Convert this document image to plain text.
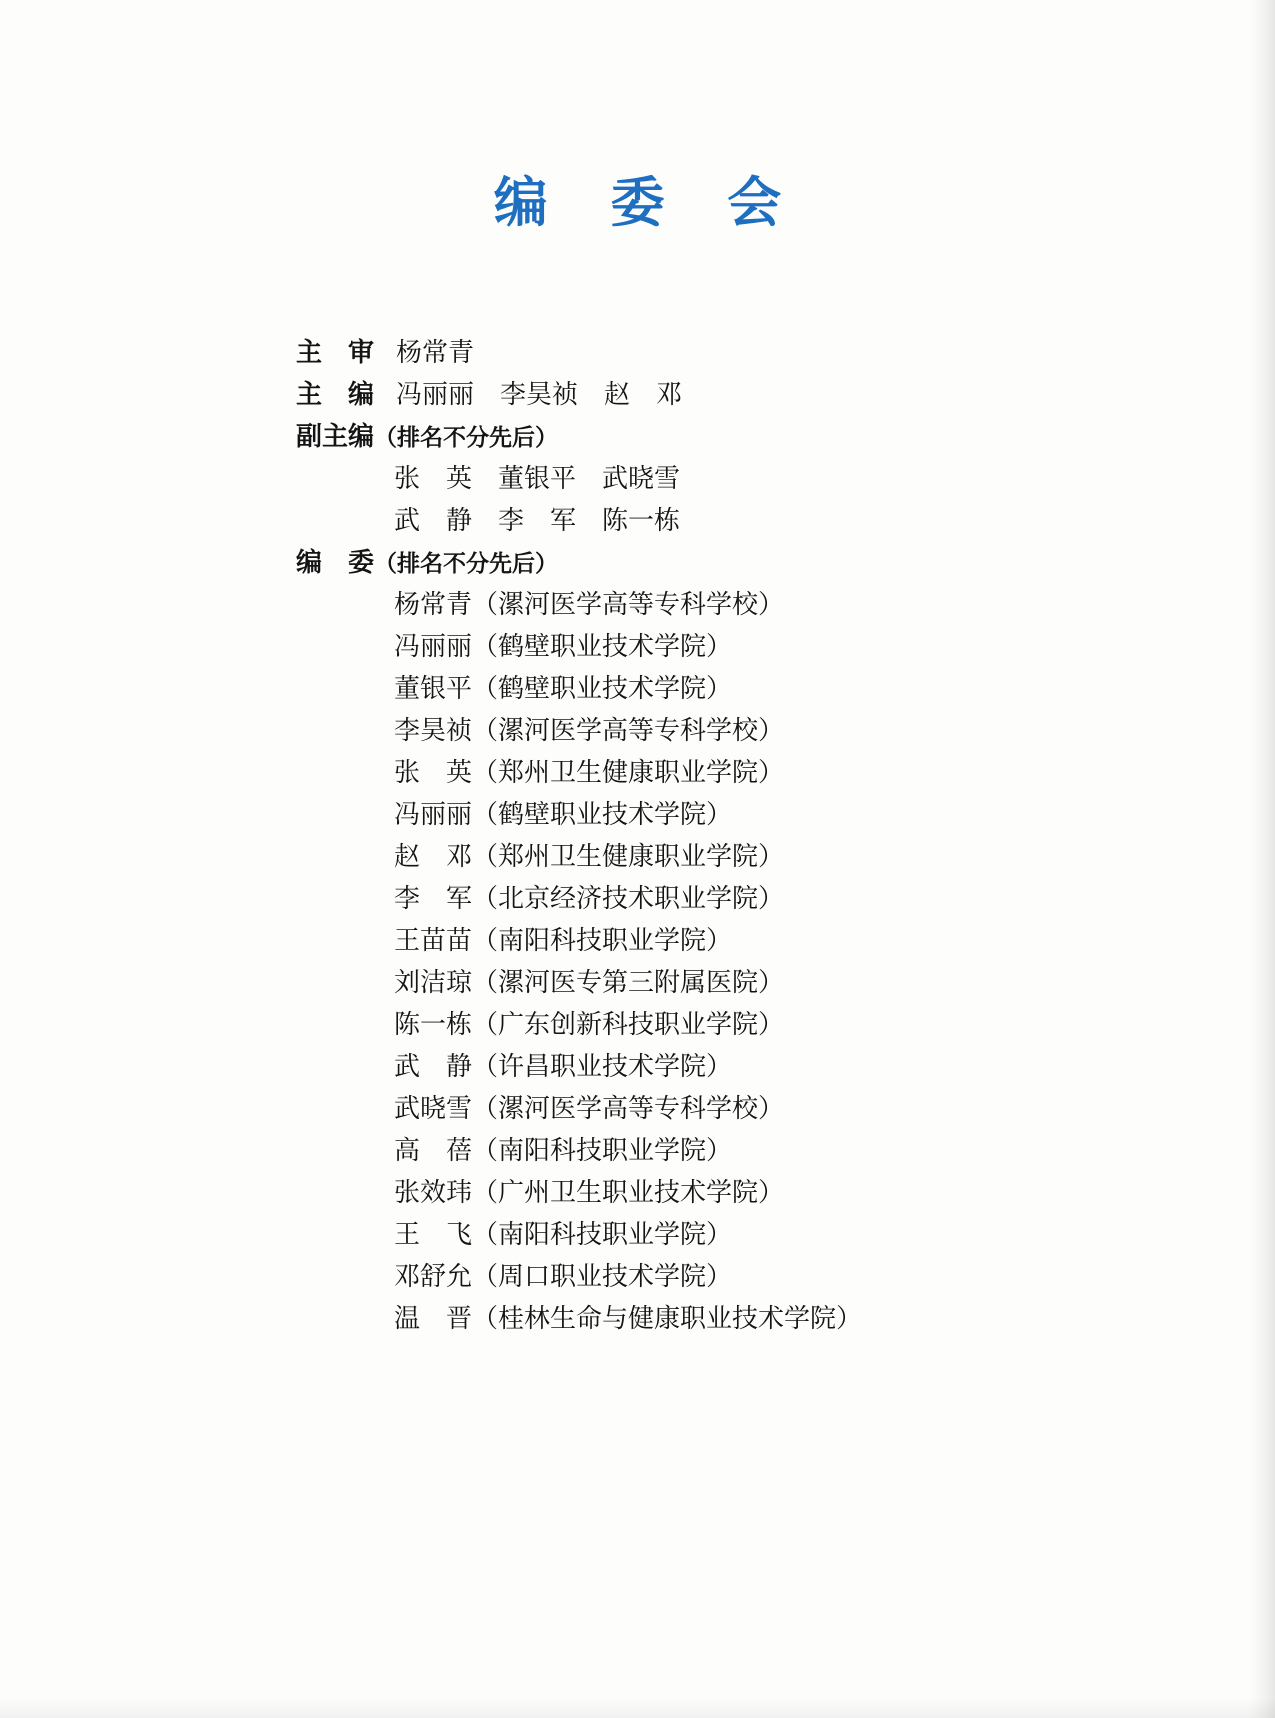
编 委 会
主　审 杨常青
主　编 冯丽丽　李昊祯　赵　邓
副主编 （排名不分先后）
张　英　董银平　武晓雪
武　静　李　军　陈一栋
编　委 （排名不分先后）
杨常青 （漯河医学高等专科学校）
冯丽丽 （鹤壁职业技术学院）
董银平 （鹤壁职业技术学院）
李昊祯 （漯河医学高等专科学校）
张　英 （郑州卫生健康职业学院）
冯丽丽 （鹤壁职业技术学院）
赵　邓 （郑州卫生健康职业学院）
李　军 （北京经济技术职业学院）
王苗苗 （南阳科技职业学院）
刘洁琼 （漯河医专第三附属医院）
陈一栋 （广东创新科技职业学院）
武　静 （许昌职业技术学院）
武晓雪 （漯河医学高等专科学校）
高　蓓 （南阳科技职业学院）
张效玮 （广州卫生职业技术学院）
王　飞 （南阳科技职业学院）
邓舒允 （周口职业技术学院）
温　晋 （桂林生命与健康职业技术学院）
